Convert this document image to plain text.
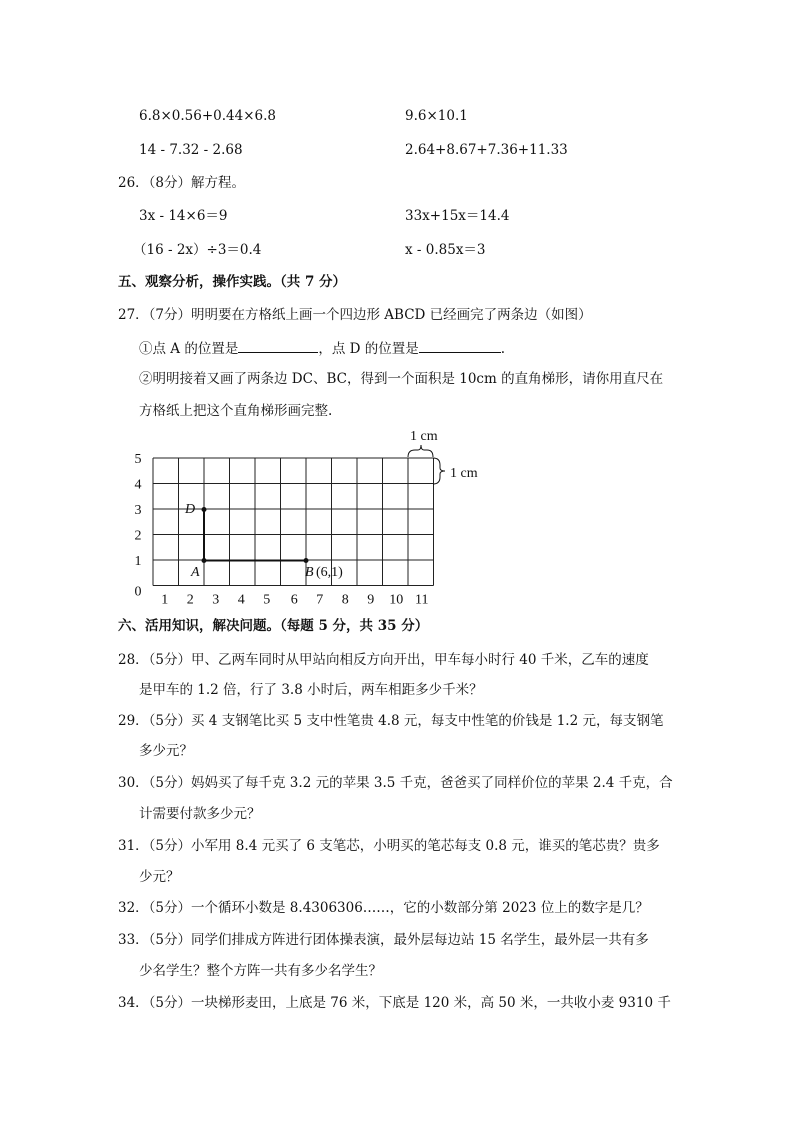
6.8×0.56+0.44×6.8	9.6×10.1
14 - 7.32 - 2.68	2.64+8.67+7.36+11.33
26．（8分）解方程。
3x - 14×6＝9	33x+15x＝14.4
（16 - 2x）÷3＝0.4	x - 0.85x＝3
五、观察分析，操作实践。（共 7 分）
27．（7分）明明要在方格纸上画一个四边形 ABCD 已经画完了两条边（如图）
①点 A 的位置是	，点 D 的位置是	.
②明明接着又画了两条边 DC、BC，得到一个面积是 10cm 的直角梯形，请你用直尺在
方格纸上把这个直角梯形画完整.
0
1
2
3
4
5
1 2 3 4 5 6 7 8 9 10 11
D
A	B (6,1)
1 cm
1 cm
六、活用知识，解决问题。（每题 5 分，共 35 分）
28．（5分）甲、乙两车同时从甲站向相反方向开出，甲车每小时行 40 千米，乙车的速度
是甲车的 1.2 倍，行了 3.8 小时后，两车相距多少千米？
29．（5分）买 4 支钢笔比买 5 支中性笔贵 4.8 元，每支中性笔的价钱是 1.2 元，每支钢笔
多少元？
30．（5分）妈妈买了每千克 3.2 元的苹果 3.5 千克，爸爸买了同样价位的苹果 2.4 千克，合
计需要付款多少元？
31．（5分）小军用 8.4 元买了 6 支笔芯，小明买的笔芯每支 0.8 元，谁买的笔芯贵？贵多
少元？
32．（5分）一个循环小数是 8.4306306……，它的小数部分第 2023 位上的数字是几？
33．（5分）同学们排成方阵进行团体操表演，最外层每边站 15 名学生，最外层一共有多
少名学生？整个方阵一共有多少名学生？
34．（5分）一块梯形麦田，上底是 76 米，下底是 120 米，高 50 米，一共收小麦 9310 千
